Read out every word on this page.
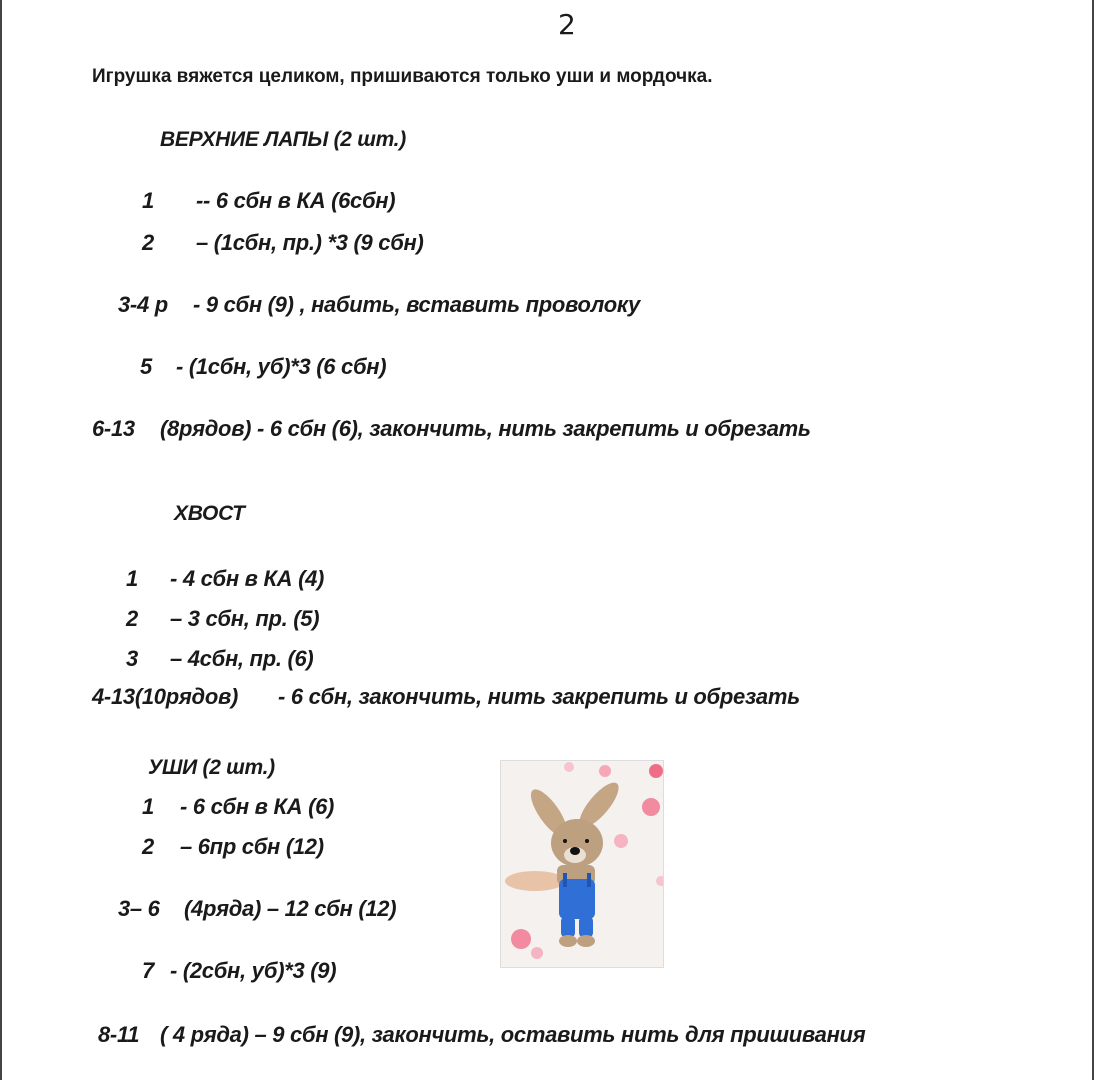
2
Игрушка вяжется целиком, пришиваются только уши и мордочка.
ВЕРХНИЕ ЛАПЫ (2 шт.)
1 -- 6 сбн в КА (6сбн)
2 – (1сбн, пр.) *3 (9 сбн)
3-4 р - 9 сбн (9) , набить, вставить проволоку
5 - (1сбн, уб)*3 (6 сбн)
6-13 (8рядов) - 6 сбн (6), закончить, нить закрепить и обрезать
ХВОСТ
1 - 4 сбн в КА (4)
2 – 3 сбн, пр. (5)
3 – 4сбн, пр. (6)
4-13(10рядов) - 6 сбн, закончить, нить закрепить и обрезать
УШИ (2 шт.)
1 - 6 сбн в КА (6)
2 – 6пр сбн (12)
3– 6 (4ряда) – 12 сбн (12)
7 - (2сбн, уб)*3 (9)
8-11 ( 4 ряда) – 9 сбн (9), закончить, оставить нить для пришивания
